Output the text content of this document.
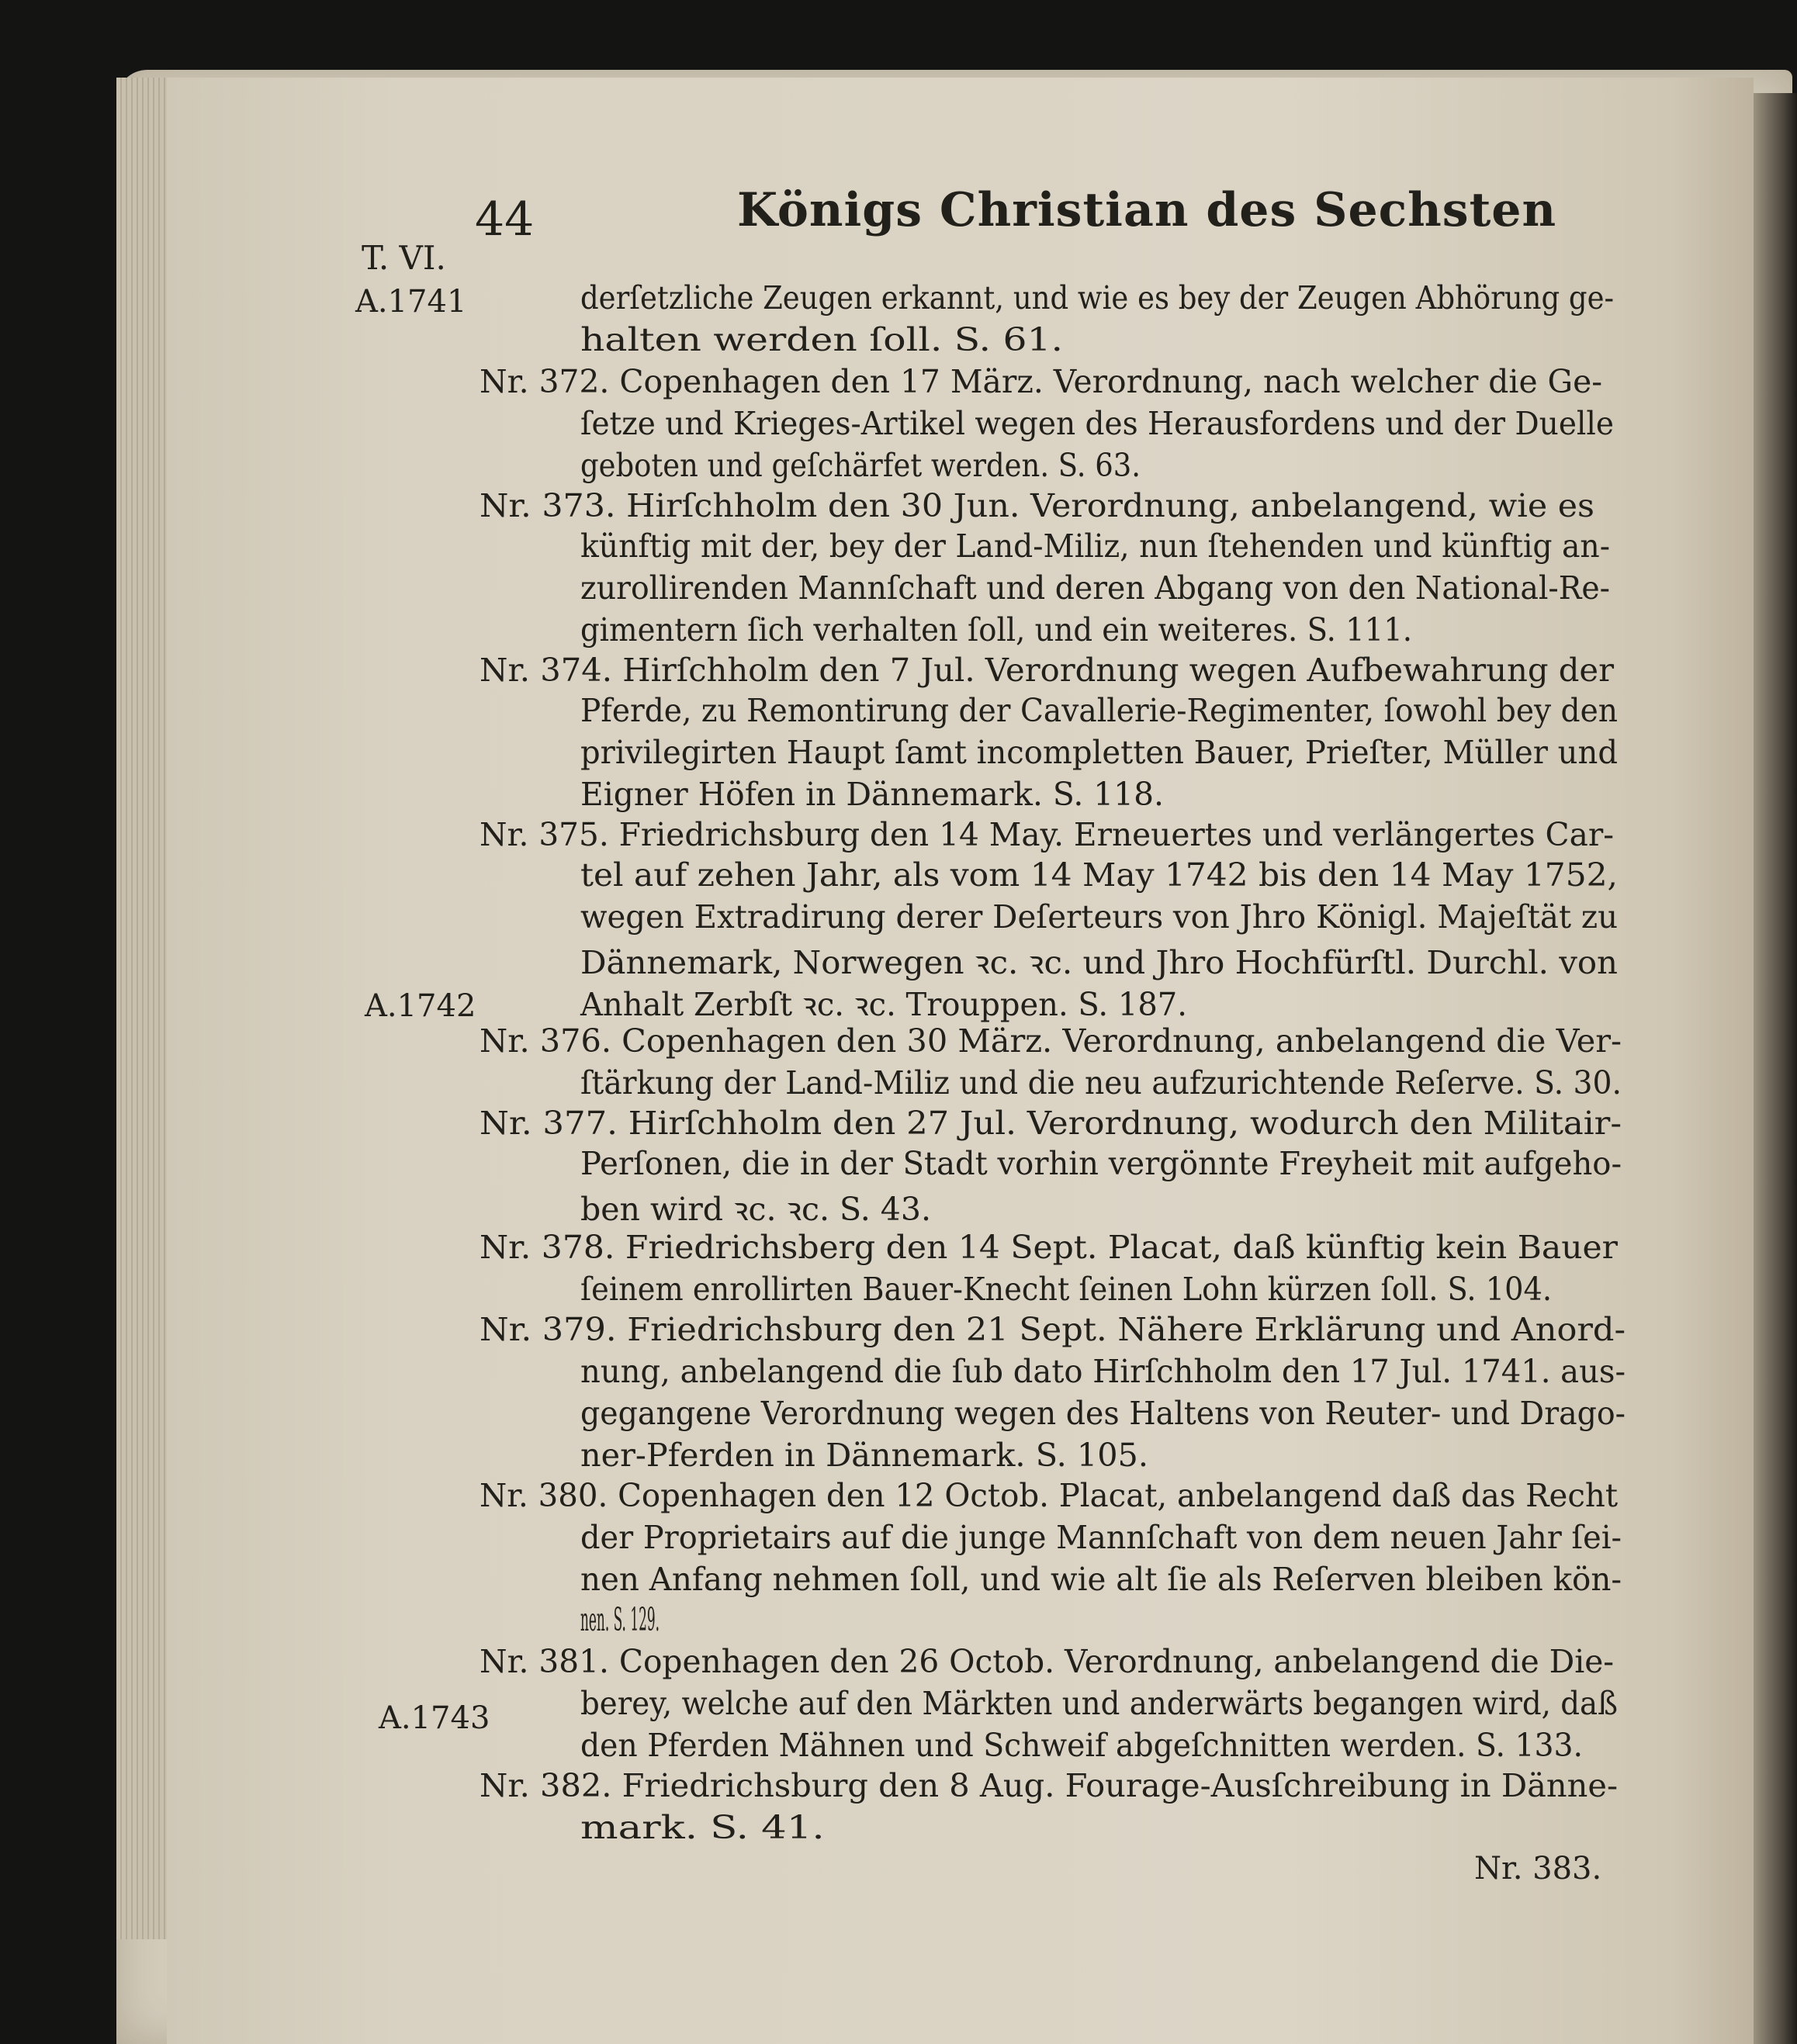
44	Königs Christian des Sechsten
T. VI.
A.1741
A.1742
A.1743
derſetzliche Zeugen erkannt, und wie es bey der Zeugen Abhörung ge-
halten werden ſoll. S. 61.
Nr. 372. Copenhagen den 17 März. Verordnung, nach welcher die Ge-
ſetze und Krieges-Artikel wegen des Herausfordens und der Duelle
geboten und geſchärfet werden. S. 63.
Nr. 373. Hirſchholm den 30 Jun. Verordnung, anbelangend, wie es
künftig mit der, bey der Land-Miliz, nun ſtehenden und künftig an-
zurollirenden Mannſchaft und deren Abgang von den National-Re-
gimentern ſich verhalten ſoll, und ein weiteres. S. 111.
Nr. 374. Hirſchholm den 7 Jul. Verordnung wegen Aufbewahrung der
Pferde, zu Remontirung der Cavallerie-Regimenter, ſowohl bey den
privilegirten Haupt ſamt incompletten Bauer, Prieſter, Müller und
Eigner Höfen in Dännemark. S. 118.
Nr. 375. Friedrichsburg den 14 May. Erneuertes und verlängertes Car-
tel auf zehen Jahr, als vom 14 May 1742 bis den 14 May 1752,
wegen Extradirung derer Deſerteurs von Jhro Königl. Majeſtät zu
Dännemark, Norwegen ꝛc. ꝛc. und Jhro Hochfürſtl. Durchl. von
Anhalt Zerbſt ꝛc. ꝛc. Trouppen. S. 187.
Nr. 376. Copenhagen den 30 März. Verordnung, anbelangend die Ver-
ſtärkung der Land-Miliz und die neu aufzurichtende Reſerve. S. 30.
Nr. 377. Hirſchholm den 27 Jul. Verordnung, wodurch den Militair-
Perſonen, die in der Stadt vorhin vergönnte Freyheit mit aufgeho-
ben wird ꝛc. ꝛc. S. 43.
Nr. 378. Friedrichsberg den 14 Sept. Placat, daß künftig kein Bauer
ſeinem enrollirten Bauer-Knecht ſeinen Lohn kürzen ſoll. S. 104.
Nr. 379. Friedrichsburg den 21 Sept. Nähere Erklärung und Anord-
nung, anbelangend die ſub dato Hirſchholm den 17 Jul. 1741. aus-
gegangene Verordnung wegen des Haltens von Reuter- und Drago-
ner-Pferden in Dännemark. S. 105.
Nr. 380. Copenhagen den 12 Octob. Placat, anbelangend daß das Recht
der Proprietairs auf die junge Mannſchaft von dem neuen Jahr ſei-
nen Anfang nehmen ſoll, und wie alt ſie als Reſerven bleiben kön-
nen. S. 129.
Nr. 381. Copenhagen den 26 Octob. Verordnung, anbelangend die Die-
berey, welche auf den Märkten und anderwärts begangen wird, daß
den Pferden Mähnen und Schweif abgeſchnitten werden. S. 133.
Nr. 382. Friedrichsburg den 8 Aug. Fourage-Ausſchreibung in Dänne-
mark. S. 41.
Nr. 383.
